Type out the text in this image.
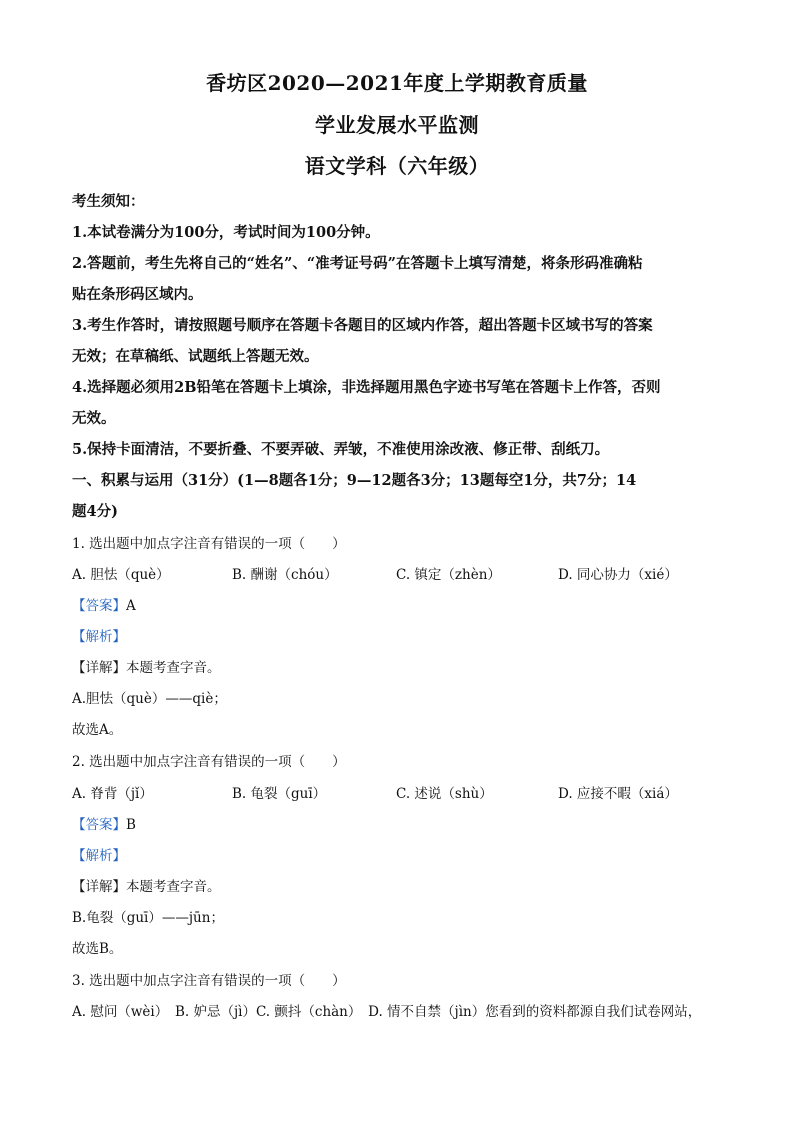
香坊区2020—2021年度上学期教育质量
学业发展水平监测
语文学科（六年级）
考生须知：
1.本试卷满分为100分，考试时间为100分钟。
2.答题前，考生先将自己的“姓名”、“准考证号码”在答题卡上填写清楚，将条形码准确粘
贴在条形码区域内。
3.考生作答时，请按照题号顺序在答题卡各题目的区域内作答，超出答题卡区域书写的答案
无效；在草稿纸、试题纸上答题无效。
4.选择题必须用2B铅笔在答题卡上填涂，非选择题用黑色字迹书写笔在答题卡上作答，否则
无效。
5.保持卡面清洁，不要折叠、不要弄破、弄皱，不准使用涂改液、修正带、刮纸刀。
一、积累与运用（31分）(1—8题各1分；9—12题各3分；13题每空1分，共7分；14
题4分)
1. 选出题中加点字注音有错误的一项（　　）
A. 胆怯（què）	B. 酬谢（chóu）	C. 镇定（zhèn）	D. 同心协力（xié）
【答案】A
【解析】
【详解】本题考查字音。
A.胆怯（què）——qiè；
故选A。
2. 选出题中加点字注音有错误的一项（　　）
A. 脊背（jǐ）	B. 龟裂（guī）	C. 述说（shù）	D. 应接不暇（xiá）
【答案】B
【解析】
【详解】本题考查字音。
B.龟裂（guī）——jūn；
故选B。
3. 选出题中加点字注音有错误的一项（　　）
A. 慰问（wèi）　B. 妒忌（jì）C. 颤抖（chàn）　D. 情不自禁（jìn）您看到的资料都源自我们试卷网站，
